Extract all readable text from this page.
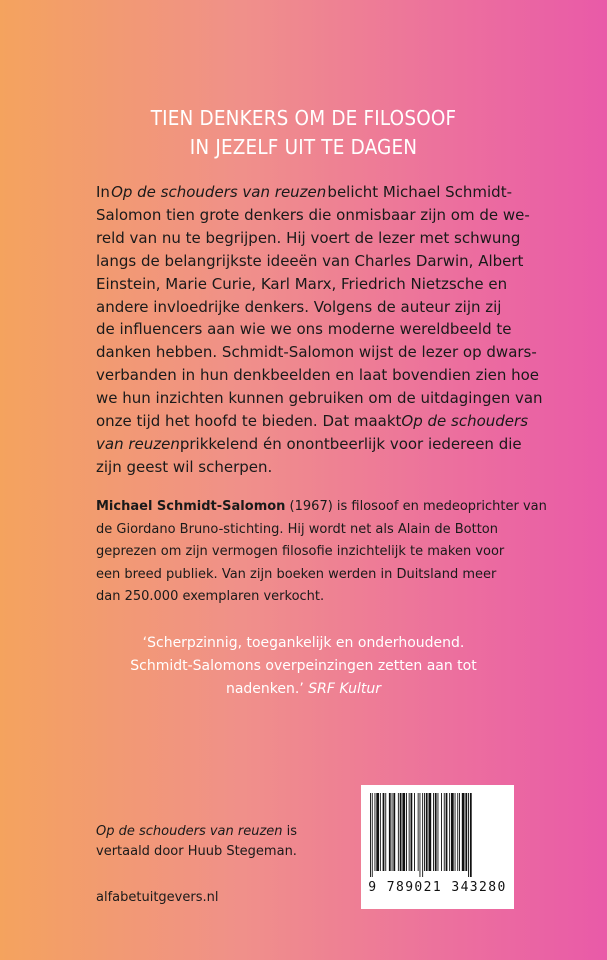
TIEN DENKERS OM DE FILOSOOF
IN JEZELF UIT TE DAGEN
In Op de schouders van reuzen belicht Michael Schmidt-
Salomon tien grote denkers die onmisbaar zijn om de we-
reld van nu te begrijpen. Hij voert de lezer met schwung
langs de belangrijkste ideeën van Charles Darwin, Albert
Einstein, Marie Curie, Karl Marx, Friedrich Nietzsche en
andere invloedrijke denkers. Volgens de auteur zijn zij
de influencers aan wie we ons moderne wereldbeeld te
danken hebben. Schmidt-Salomon wijst de lezer op dwars-
verbanden in hun denkbeelden en laat bovendien zien hoe
we hun inzichten kunnen gebruiken om de uitdagingen van
onze tijd het hoofd te bieden. Dat maakt Op de schouders
van reuzen prikkelend én onontbeerlijk voor iedereen die
zijn geest wil scherpen.
Michael Schmidt-Salomon (1967) is filosoof en medeoprichter van
de Giordano Bruno-stichting. Hij wordt net als Alain de Botton
geprezen om zijn vermogen filosofie inzichtelijk te maken voor
een breed publiek. Van zijn boeken werden in Duitsland meer
dan 250.000 exemplaren verkocht.
‘Scherpzinnig, toegankelijk en onderhoudend.
Schmidt-Salomons overpeinzingen zetten aan tot
nadenken.’ SRF Kultur
9 789021 343280
Op de schouders van reuzen is
vertaald door Huub Stegeman.
alfabetuitgevers.nl
